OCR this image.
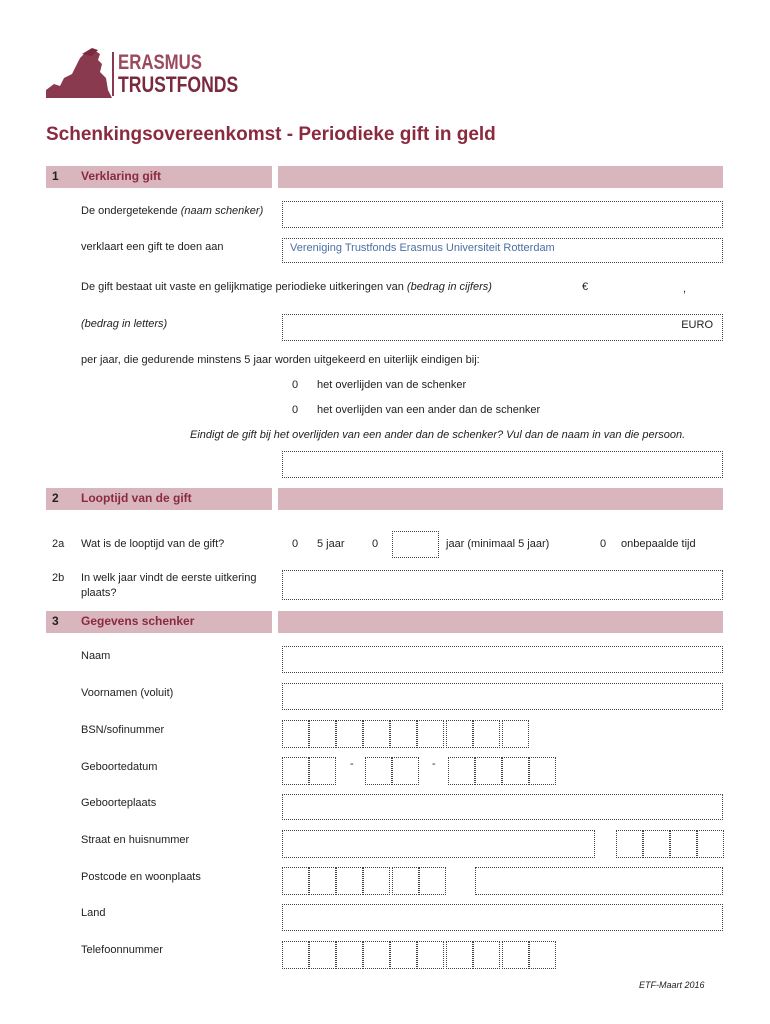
ERASMUS
TRUSTFONDS
Schenkingsovereenkomst - Periodieke gift in geld
1 Verklaring gift
De ondergetekende (naam schenker)
verklaart een gift te doen aan	Vereniging Trustfonds Erasmus Universiteit Rotterdam
De gift bestaat uit vaste en gelijkmatige periodieke uitkeringen van (bedrag in cijfers)	€	,
(bedrag in letters)	EURO
per jaar, die gedurende minstens 5 jaar worden uitgekeerd en uiterlijk eindigen bij:
0 het overlijden van de schenker
0 het overlijden van een ander dan de schenker
Eindigt de gift bij het overlijden van een ander dan de schenker? Vul dan de naam in van die persoon.
2 Looptijd van de gift
2a Wat is de looptijd van de gift?	0 5 jaar 0	jaar (minimaal 5 jaar)	0 onbepaalde tijd
2b In welk jaar vindt de eerste uitkering
plaats?
3 Gegevens schenker
Naam
Voornamen (voluit)
BSN/sofinummer
Geboortedatum	-	-
Geboorteplaats
Straat en huisnummer
Postcode en woonplaats
Land
Telefoonnummer
ETF-Maart 2016
